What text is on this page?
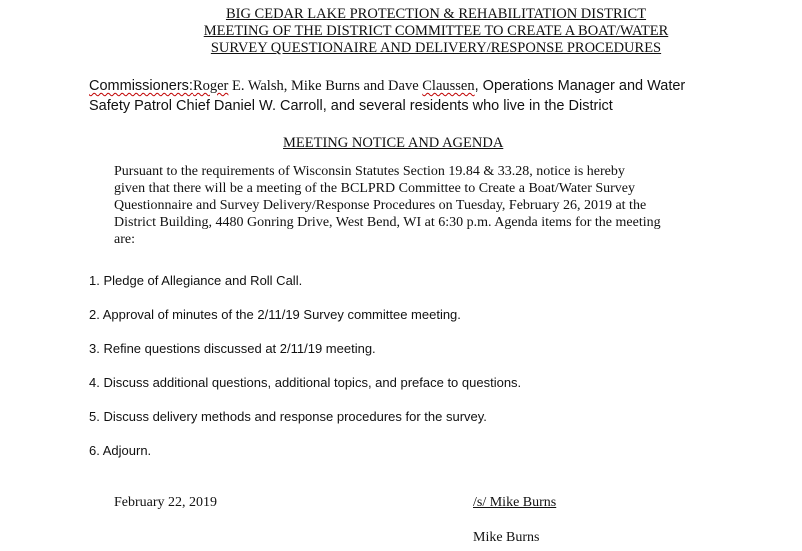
BIG CEDAR LAKE PROTECTION & REHABILITATION DISTRICT
MEETING OF THE DISTRICT COMMITTEE TO CREATE A BOAT/WATER
SURVEY QUESTIONAIRE AND DELIVERY/RESPONSE PROCEDURES
Commissioners:Roger E. Walsh, Mike Burns and Dave Claussen, Operations Manager and Water
Safety Patrol Chief Daniel W. Carroll, and several residents who live in the District
MEETING NOTICE AND AGENDA
Pursuant to the requirements of Wisconsin Statutes Section 19.84 & 33.28, notice is hereby
given that there will be a meeting of the BCLPRD Committee to Create a Boat/Water Survey
Questionnaire and Survey Delivery/Response Procedures on Tuesday, February 26, 2019 at the
District Building, 4480 Gonring Drive, West Bend, WI at 6:30 p.m. Agenda items for the meeting
are:
1. Pledge of Allegiance and Roll Call.
2. Approval of minutes of the 2/11/19 Survey committee meeting.
3. Refine questions discussed at 2/11/19 meeting.
4. Discuss additional questions, additional topics, and preface to questions.
5. Discuss delivery methods and response procedures for the survey.
6. Adjourn.
February 22, 2019	/s/ Mike Burns
Mike Burns
